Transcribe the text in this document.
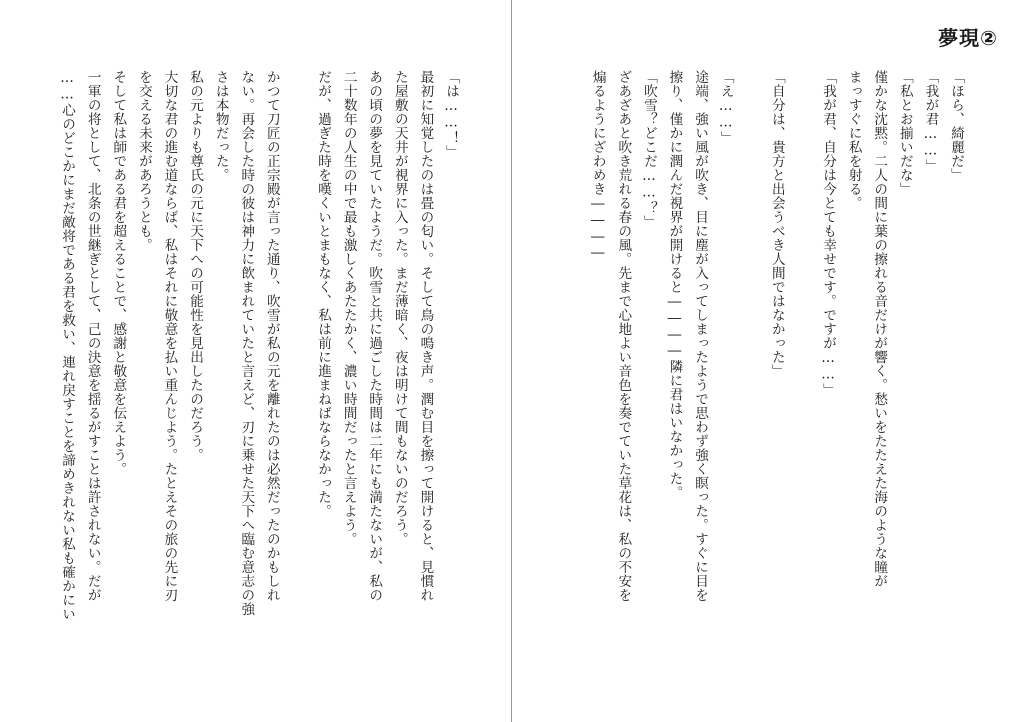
「は……！」
最初に知覚したのは畳の匂い。そして鳥の鳴き声。潤む目を擦って開けると、見慣れ
た屋敷の天井が視界に入った。まだ薄暗く、夜は明けて間もないのだろう。
あの頃の夢を見ていたようだ。吹雪と共に過ごした時間は二年にも満たないが、私の
二十数年の人生の中で最も激しくあたたかく、濃い時間だったと言えよう。
だが、過ぎた時を嘆くいとまもなく、私は前に進まねばならなかった。
かつて刀匠の正宗殿が言った通り、吹雪が私の元を離れたのは必然だったのかもしれ
ない。再会した時の彼は神力に飲まれていたと言えど、刃に乗せた天下へ臨む意志の強
さは本物だった。
私の元よりも尊氏の元に天下への可能性を見出したのだろう。
大切な君の進む道ならば、私はそれに敬意を払い重んじよう。たとえその旅の先に刃
を交える未来があろうとも。
そして私は師である君を超えることで、感謝と敬意を伝えよう。
一軍の将として、北条の世継ぎとして、己の決意を揺るがすことは許されない。だが
……心のどこかにまだ敵将である君を救い、連れ戻すことを諦めきれない私も確かにい
夢現②
「ほら、綺麗だ」
「我が君……」
「私とお揃いだな」
僅かな沈黙。二人の間に葉の擦れる音だけが響く。愁いをたたえた海のような瞳が
まっすぐに私を射る。
「我が君、自分は今とても幸せです。ですが……」
「自分は、貴方と出会うべき人間ではなかった」
「え……」
途端、強い風が吹き、目に塵が入ってしまったようで思わず強く瞑った。すぐに目を
擦り、僅かに潤んだ視界が開けると――――隣に君はいなかった。
「吹雪？どこだ……？」
ざあざあと吹き荒れる春の風。先まで心地よい音色を奏でていた草花は、私の不安を
煽るようにざわめき――――
